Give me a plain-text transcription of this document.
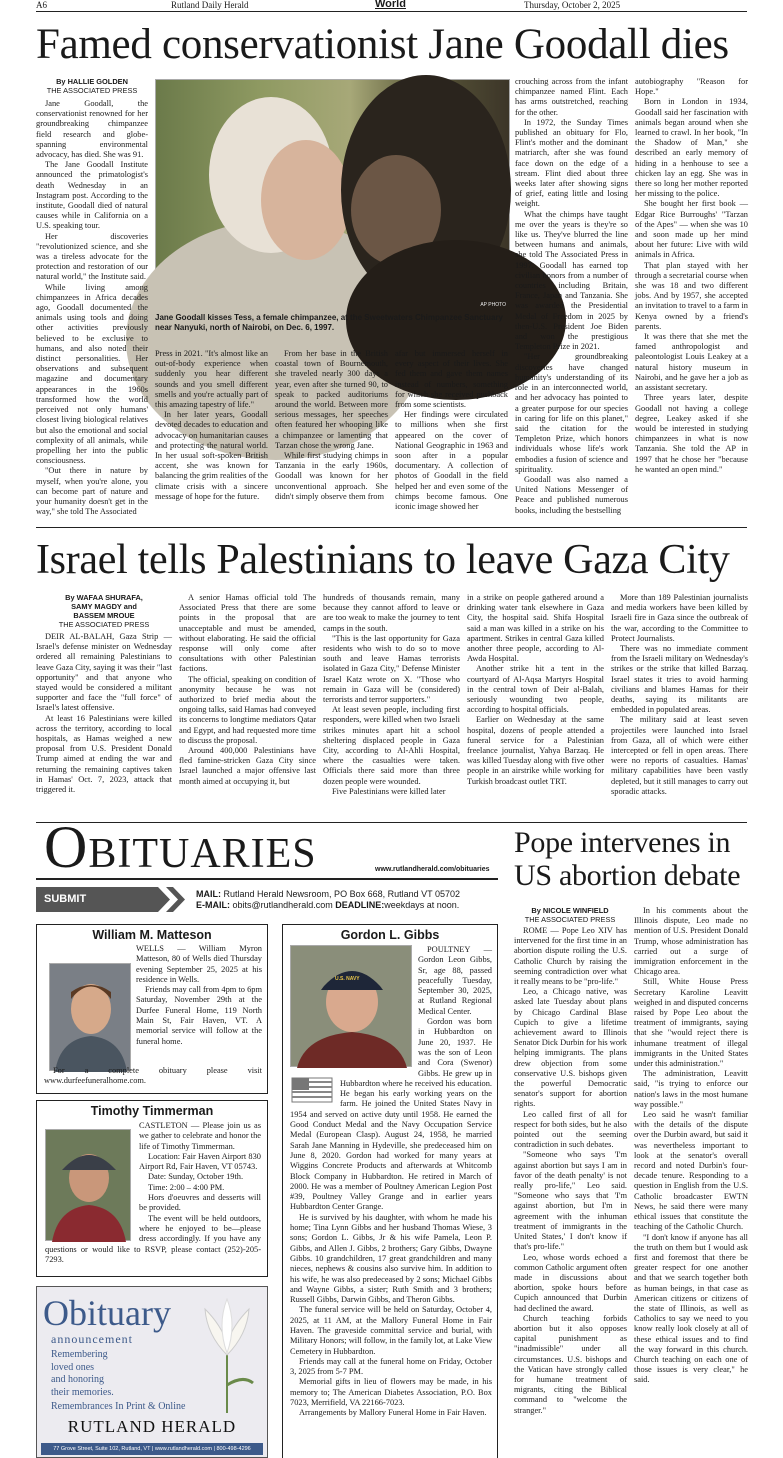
A6	Rutland Daily Herald	World	Thursday, October 2, 2025
Famed conservationist Jane Goodall dies
By HALLIE GOLDEN
THE ASSOCIATED PRESS
AP PHOTO
Jane Goodall kisses Tess, a female chimpanzee, at the Sweetwaters Chimpanzee Sanctuary near Nanyuki, north of Nairobi, on Dec. 6, 1997.

Jane Goodall, the conservationist renowned for her groundbreaking chimpanzee field research and globe-spanning environmental advocacy, has died. She was 91.

The Jane Goodall Institute announced the primatologist's death Wednesday in an Instagram post. According to the institute, Goodall died of natural causes while in California on a U.S. speaking tour.

Her discoveries "revolutionized science, and she was a tireless advocate for the protection and restoration of our natural world," the Institute said.

While living among chimpanzees in Africa decades ago, Goodall documented the animals using tools and doing other activities previously believed to be exclusive to humans, and also noted their distinct personalities. Her observations and subsequent magazine and documentary appearances in the 1960s transformed how the world perceived not only humans' closest living biological relatives but also the emotional and social complexity of all animals, while propelling her into the public consciousness.

"Out there in nature by myself, when you're alone, you can become part of nature and your humanity doesn't get in the way," she told The Associated

Press in 2021. "It's almost like an out-of-body experience when suddenly you hear different sounds and you smell different smells and you're actually part of this amazing tapestry of life."

In her later years, Goodall devoted decades to education and advocacy on humanitarian causes and protecting the natural world. In her usual soft-spoken British accent, she was known for balancing the grim realities of the climate crisis with a sincere message of hope for the future.

From her base in the British coastal town of Bournemouth, she traveled nearly 300 days a year, even after she turned 90, to speak to packed auditoriums around the world. Between more serious messages, her speeches often featured her whooping like a chimpanzee or lamenting that Tarzan chose the wrong Jane.

While first studying chimps in Tanzania in the early 1960s, Goodall was known for her unconventional approach. She didn't simply observe them from

afar but immersed herself in every aspect of their lives. She fed them and gave them names instead of numbers, something for which she received pushback from some scientists.

Her findings were circulated to millions when she first appeared on the cover of National Geographic in 1963 and soon after in a popular documentary. A collection of photos of Goodall in the field helped her and even some of the chimps become famous. One iconic image showed her

crouching across from the infant chimpanzee named Flint. Each has arms outstretched, reaching for the other.

In 1972, the Sunday Times published an obituary for Flo, Flint's mother and the dominant matriarch, after she was found face down on the edge of a stream. Flint died about three weeks later after showing signs of grief, eating little and losing weight.

What the chimps have taught me over the years is they're so like us. They've blurred the line between humans and animals, she told The Associated Press in 1997. Goodall has earned top civilian honors from a number of countries including Britain, France, Japan and Tanzania. She was awarded the Presidential Medal of Freedom in 2025 by then-U.S. President Joe Biden and won the prestigious Templeton Prize in 2021.

"Her groundbreaking discoveries have changed humanity's understanding of its role in an interconnected world, and her advocacy has pointed to a greater purpose for our species in caring for life on this planet," said the citation for the Templeton Prize, which honors individuals whose life's work embodies a fusion of science and spirituality.

Goodall was also named a United Nations Messenger of Peace and published numerous books, including the bestselling

autobiography "Reason for Hope."

Born in London in 1934, Goodall said her fascination with animals began around when she learned to crawl. In her book, "In the Shadow of Man," she described an early memory of hiding in a henhouse to see a chicken lay an egg. She was in there so long her mother reported her missing to the police.

She bought her first book — Edgar Rice Burroughs' "Tarzan of the Apes" — when she was 10 and soon made up her mind about her future: Live with wild animals in Africa.

That plan stayed with her through a secretarial course when she was 18 and two different jobs. And by 1957, she accepted an invitation to travel to a farm in Kenya owned by a friend's parents.

It was there that she met the famed anthropologist and paleontologist Louis Leakey at a natural history museum in Nairobi, and he gave her a job as an assistant secretary.

Three years later, despite Goodall not having a college degree, Leakey asked if she would be interested in studying chimpanzees in what is now Tanzania. She told the AP in 1997 that he chose her "because he wanted an open mind."

Israel tells Palestinians to leave Gaza City
By WAFAA SHURAFA, SAMY MAGDY and BASSEM MROUE
THE ASSOCIATED PRESS

DEIR AL-BALAH, Gaza Strip — Israel's defense minister on Wednesday ordered all remaining Palestinians to leave Gaza City, saying it was their "last opportunity" and that anyone who stayed would be considered a militant supporter and face the "full force" of Israel's latest offensive.

At least 16 Palestinians were killed across the territory, according to local hospitals, as Hamas weighed a new proposal from U.S. President Donald Trump aimed at ending the war and returning the remaining captives taken in Hamas' Oct. 7, 2023, attack that triggered it.

A senior Hamas official told The Associated Press that there are some points in the proposal that are unacceptable and must be amended, without elaborating. He said the official response will only come after consultations with other Palestinian factions.

The official, speaking on condition of anonymity because he was not authorized to brief media about the ongoing talks, said Hamas had conveyed its concerns to longtime mediators Qatar and Egypt, and had requested more time to discuss the proposal.

Around 400,000 Palestinians have fled famine-stricken Gaza City since Israel launched a major offensive last month aimed at occupying it, but

hundreds of thousands remain, many because they cannot afford to leave or are too weak to make the journey to tent camps in the south.

"This is the last opportunity for Gaza residents who wish to do so to move south and leave Hamas terrorists isolated in Gaza City," Defense Minister Israel Katz wrote on X. "Those who remain in Gaza will be (considered) terrorists and terror supporters."

At least seven people, including first responders, were killed when two Israeli strikes minutes apart hit a school sheltering displaced people in Gaza City, according to Al-Ahli Hospital, where the casualties were taken. Officials there said more than three dozen people were wounded.

Five Palestinians were killed later

in a strike on people gathered around a drinking water tank elsewhere in Gaza City, the hospital said. Shifa Hospital said a man was killed in a strike on his apartment. Strikes in central Gaza killed another three people, according to Al-Awda Hospital.

Another strike hit a tent in the courtyard of Al-Aqsa Martyrs Hospital in the central town of Deir al-Balah, seriously wounding two people, according to hospital officials.

Earlier on Wednesday at the same hospital, dozens of people attended a funeral service for a Palestinian freelance journalist, Yahya Barzaq. He was killed Tuesday along with five other people in an airstrike while working for Turkish broadcast outlet TRT.

More than 189 Palestinian journalists and media workers have been killed by Israeli fire in Gaza since the outbreak of the war, according to the Committee to Protect Journalists.

There was no immediate comment from the Israeli military on Wednesday's strikes or the strike that killed Barzaq. Israel states it tries to avoid harming civilians and blames Hamas for their deaths, saying its militants are embedded in populated areas.

The military said at least seven projectiles were launched into Israel from Gaza, all of which were either intercepted or fell in open areas. There were no reports of casualties. Hamas' military capabilities have been vastly depleted, but it still manages to carry out sporadic attacks.

Obituaries	www.rutlandherald.com/obituaries
SUBMIT	MAIL: Rutland Herald Newsroom, PO Box 668, Rutland VT 05702
E-MAIL: obits@rutlandherald.com DEADLINE:weekdays at noon.
William M. Matteson

WELLS — William Myron Matteson, 80 of Wells died Thursday evening September 25, 2025 at his residence in Wells.

Friends may call from 4pm to 6pm Saturday, November 29th at the Durfee Funeral Home, 119 North Main St, Fair Haven, VT. A memorial service will follow at the funeral home.

For a complete obituary please visit www.durfeefuneralhome.com.

Timothy Timmerman

CASTLETON — Please join us as we gather to celebrate and honor the life of Timothy Timmerman.

Location: Fair Haven Airport 830 Airport Rd, Fair Haven, VT 05743.

Date: Sunday, October 19th.

Time: 2:00 – 4:00 PM.

Hors d'oeuvres and desserts will be provided.

The event will be held outdoors, where he enjoyed to be—please dress accordingly. If you have any questions or would like to RSVP, please contact (252)-205-7293.

Gordon L. Gibbs
U.S. NAVY

POULTNEY — Gordon Leon Gibbs, Sr, age 88, passed peacefully Tuesday, September 30, 2025, at Rutland Regional Medical Center.

Gordon was born in Hubbardton on June 20, 1937. He was the son of Leon and Cora (Swenor) Gibbs. He grew up in Hubbardton where he received his education. He began his early working years on the farm. He joined the United States Navy in 1954 and served on active duty until 1958. He earned the Good Conduct Medal and the Navy Occupation Service Medal (European Clasp). August 24, 1958, he married Sarah Jane Manning in Hydeville, she predeceased him on June 8, 2020. Gordon had worked for many years at Wiggins Concrete Products and afterwards at Whitcomb Block Company in Hubbardton. He retired in March of 2000. He was a member of Poultney American Legion Post #39, Poultney Valley Grange and in earlier years Hubbardton Center Grange.

He is survived by his daughter, with whom he made his home; Tina Lynn Gibbs and her husband Thomas Wiese, 3 sons; Gordon L. Gibbs, Jr & his wife Pamela, Leon P. Gibbs, and Allen J. Gibbs, 2 brothers; Gary Gibbs, Dwayne Gibbs. 10 grandchildren, 17 great grandchildren and many nieces, nephews & cousins also survive him. In addition to his wife, he was also predeceased by 2 sons; Michael Gibbs and Wayne Gibbs, a sister; Ruth Smith and 3 brothers; Russell Gibbs, Darwin Gibbs, and Theron Gibbs.

The funeral service will be held on Saturday, October 4, 2025, at 11 AM, at the Mallory Funeral Home in Fair Haven. The graveside committal service and burial, with Military Honors; will follow, in the family lot, at Lake View Cemetery in Hubbardton.

Friends may call at the funeral home on Friday, October 3, 2025 from 5-7 PM.

Memorial gifts in lieu of flowers may be made, in his memory to; The American Diabetes Association, P.O. Box 7023, Merrifield, VA 22166-7023.

Arrangements by Mallory Funeral Home in Fair Haven.

Obituary
announcement
Remembering
loved ones
and honoring
their memories.
Remembrances In Print & Online
RUTLAND HERALD
77 Grove Street, Suite 102, Rutland, VT | www.rutlandherald.com | 800-498-4296
Pope intervenes in US abortion debate
By NICOLE WINFIELD
THE ASSOCIATED PRESS

ROME — Pope Leo XIV has intervened for the first time in an abortion dispute roiling the U.S. Catholic Church by raising the seeming contradiction over what it really means to be "pro-life."

Leo, a Chicago native, was asked late Tuesday about plans by Chicago Cardinal Blase Cupich to give a lifetime achievement award to Illinois Senator Dick Durbin for his work helping immigrants. The plans drew objection from some conservative U.S. bishops given the powerful Democratic senator's support for abortion rights.

Leo called first of all for respect for both sides, but he also pointed out the seeming contradiction in such debates.

"Someone who says 'I'm against abortion but says I am in favor of the death penalty' is not really pro-life," Leo said. "Someone who says that 'I'm against abortion, but I'm in agreement with the inhuman treatment of immigrants in the United States,' I don't know if that's pro-life."

Leo, whose words echoed a common Catholic argument often made in discussions about abortion, spoke hours before Cupich announced that Durbin had declined the award.

Church teaching forbids abortion but it also opposes capital punishment as "inadmissible" under all circumstances. U.S. bishops and the Vatican have strongly called for humane treatment of migrants, citing the Biblical command to "welcome the stranger."

In his comments about the Illinois dispute, Leo made no mention of U.S. President Donald Trump, whose administration has carried out a surge of immigration enforcement in the Chicago area.

Still, White House Press Secretary Karoline Leavitt weighed in and disputed concerns raised by Pope Leo about the treatment of immigrants, saying that she "would reject there is inhumane treatment of illegal immigrants in the United States under this administration."

The administration, Leavitt said, "is trying to enforce our nation's laws in the most humane way possible."

Leo said he wasn't familiar with the details of the dispute over the Durbin award, but said it was nevertheless important to look at the senator's overall record and noted Durbin's four-decade tenure. Responding to a question in English from the U.S. Catholic broadcaster EWTN News, he said there were many ethical issues that constitute the teaching of the Catholic Church.

"I don't know if anyone has all the truth on them but I would ask first and foremost that there be greater respect for one another and that we search together both as human beings, in that case as American citizens or citizens of the state of Illinois, as well as Catholics to say we need to you know really look closely at all of these ethical issues and to find the way forward in this church. Church teaching on each one of those issues is very clear," he said.
